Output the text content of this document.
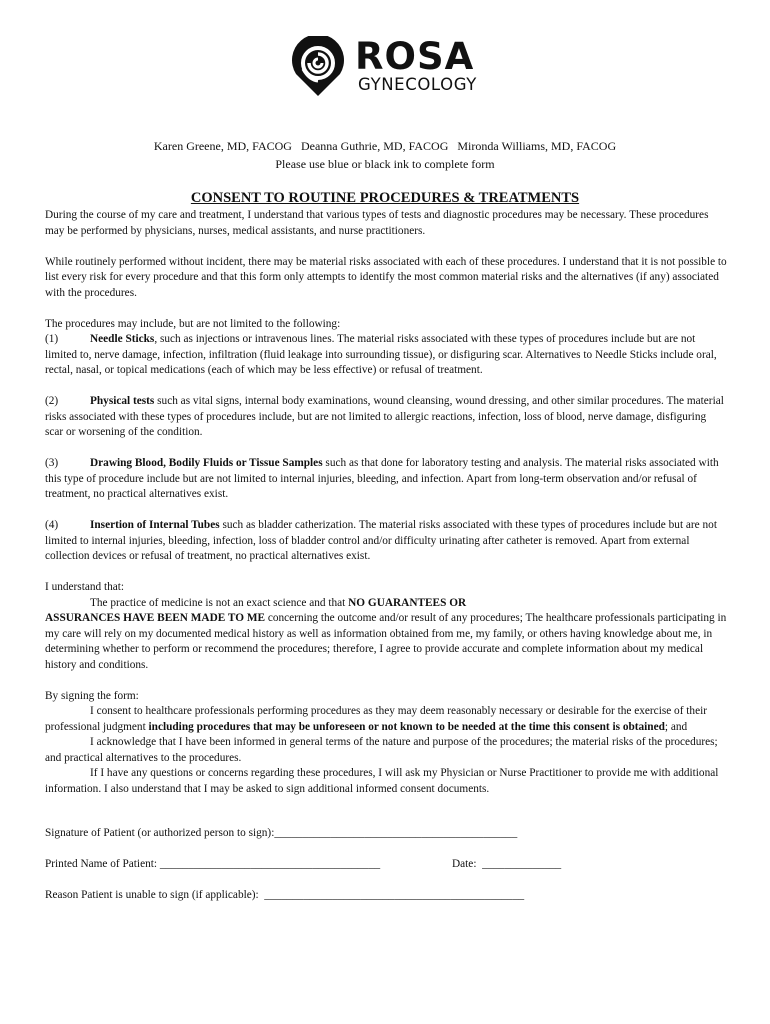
ROSA
GYNECOLOGY
Karen Greene, MD, FACOG   Deanna Guthrie, MD, FACOG   Mironda Williams, MD, FACOG
Please use blue or black ink to complete form
CONSENT TO ROUTINE PROCEDURES & TREATMENTS

During the course of my care and treatment, I understand that various types of tests and diagnostic procedures may be necessary. These procedures may be performed by physicians, nurses, medical assistants, and nurse practitioners.

While routinely performed without incident, there may be material risks associated with each of these procedures. I understand that it is not possible to list every risk for every procedure and that this form only attempts to identify the most common material risks and the alternatives (if any) associated with the procedures.

The procedures may include, but are not limited to the following:

(1)	Needle Sticks, such as injections or intravenous lines. The material risks associated with these types of procedures include but are not limited to, nerve damage, infection, infiltration (fluid leakage into surrounding tissue), or disfiguring scar. Alternatives to Needle Sticks include oral, rectal, nasal, or topical medications (each of which may be less effective) or refusal of treatment.

(2)	Physical tests such as vital signs, internal body examinations, wound cleansing, wound dressing, and other similar procedures. The material risks associated with these types of procedures include, but are not limited to allergic reactions, infection, loss of blood, nerve damage, disfiguring scar or worsening of the condition.

(3)	Drawing Blood, Bodily Fluids or Tissue Samples such as that done for laboratory testing and analysis. The material risks associated with this type of procedure include but are not limited to internal injuries, bleeding, and infection. Apart from long-term observation and/or refusal of treatment, no practical alternatives exist.

(4)	Insertion of Internal Tubes such as bladder catherization. The material risks associated with these types of procedures include but are not limited to internal injuries, bleeding, infection, loss of bladder control and/or difficulty urinating after catheter is removed. Apart from external collection devices or refusal of treatment, no practical alternatives exist.

I understand that:

The practice of medicine is not an exact science and that NO GUARANTEES OR

ASSURANCES HAVE BEEN MADE TO ME concerning the outcome and/or result of any procedures; The healthcare professionals participating in my care will rely on my documented medical history as well as information obtained from me, my family, or others having knowledge about me, in determining whether to perform or recommend the procedures; therefore, I agree to provide accurate and complete information about my medical history and conditions.

By signing the form:

I consent to healthcare professionals performing procedures as they may deem reasonably necessary or desirable for the exercise of their professional judgment including procedures that may be unforeseen or not known to be needed at the time this consent is obtained; and

I acknowledge that I have been informed in general terms of the nature and purpose of the procedures; the material risks of the procedures; and practical alternatives to the procedures.

If I have any questions or concerns regarding these procedures, I will ask my Physician or Nurse Practitioner to provide me with additional information. I also understand that I may be asked to sign additional informed consent documents.

Signature of Patient (or authorized person to sign):___________________________________________
Printed Name of Patient: _______________________________________	Date:  ______________
Reason Patient is unable to sign (if applicable):  ______________________________________________
